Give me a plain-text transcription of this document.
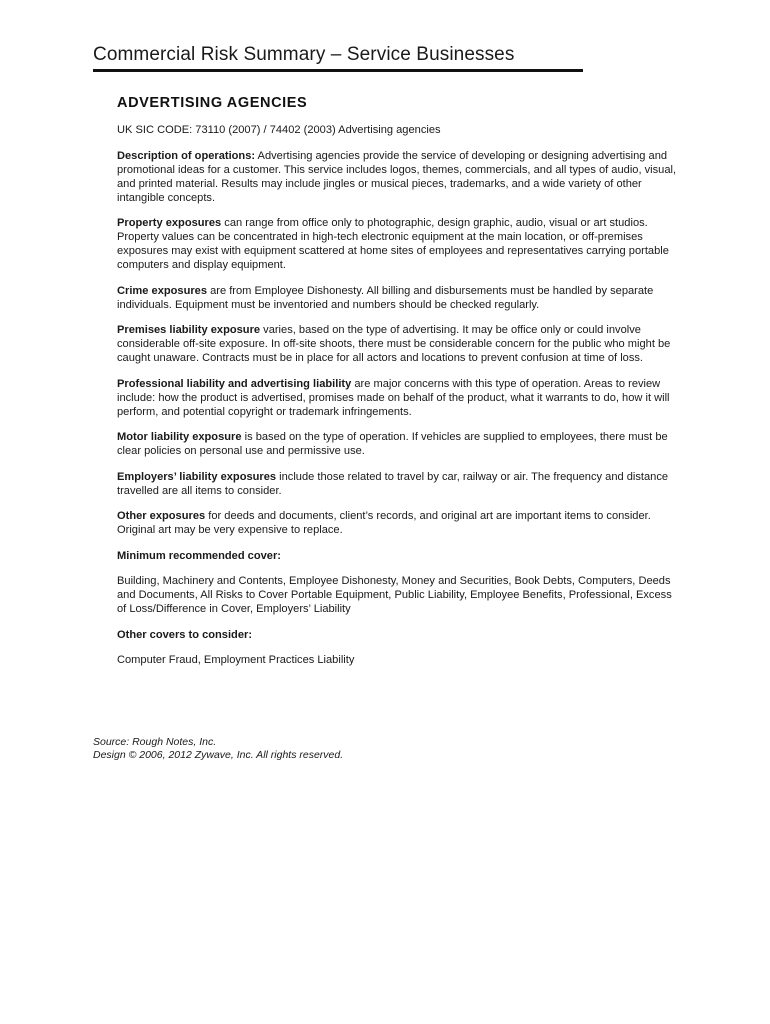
Commercial Risk Summary – Service Businesses
ADVERTISING AGENCIES

UK SIC CODE: 73110 (2007) / 74402 (2003) Advertising agencies

Description of operations: Advertising agencies provide the service of developing or designing advertising and promotional ideas for a customer. This service includes logos, themes, commercials, and all types of audio, visual, and printed material. Results may include jingles or musical pieces, trademarks, and a wide variety of other intangible concepts.

Property exposures can range from office only to photographic, design graphic, audio, visual or art studios. Property values can be concentrated in high-tech electronic equipment at the main location, or off-premises exposures may exist with equipment scattered at home sites of employees and representatives carrying portable computers and display equipment.

Crime exposures are from Employee Dishonesty. All billing and disbursements must be handled by separate individuals. Equipment must be inventoried and numbers should be checked regularly.

Premises liability exposure varies, based on the type of advertising. It may be office only or could involve considerable off-site exposure. In off-site shoots, there must be considerable concern for the public who might be caught unaware. Contracts must be in place for all actors and locations to prevent confusion at time of loss.

Professional liability and advertising liability are major concerns with this type of operation. Areas to review include: how the product is advertised, promises made on behalf of the product, what it warrants to do, how it will perform, and potential copyright or trademark infringements.

Motor liability exposure is based on the type of operation. If vehicles are supplied to employees, there must be clear policies on personal use and permissive use.

Employers’ liability exposures include those related to travel by car, railway or air. The frequency and distance travelled are all items to consider.

Other exposures for deeds and documents, client’s records, and original art are important items to consider. Original art may be very expensive to replace.

Minimum recommended cover:

Building, Machinery and Contents, Employee Dishonesty, Money and Securities, Book Debts, Computers, Deeds and Documents, All Risks to Cover Portable Equipment, Public Liability, Employee Benefits, Professional, Excess of Loss/Difference in Cover, Employers’ Liability

Other covers to consider:

Computer Fraud, Employment Practices Liability

Source: Rough Notes, Inc.
Design © 2006, 2012 Zywave, Inc. All rights reserved.
